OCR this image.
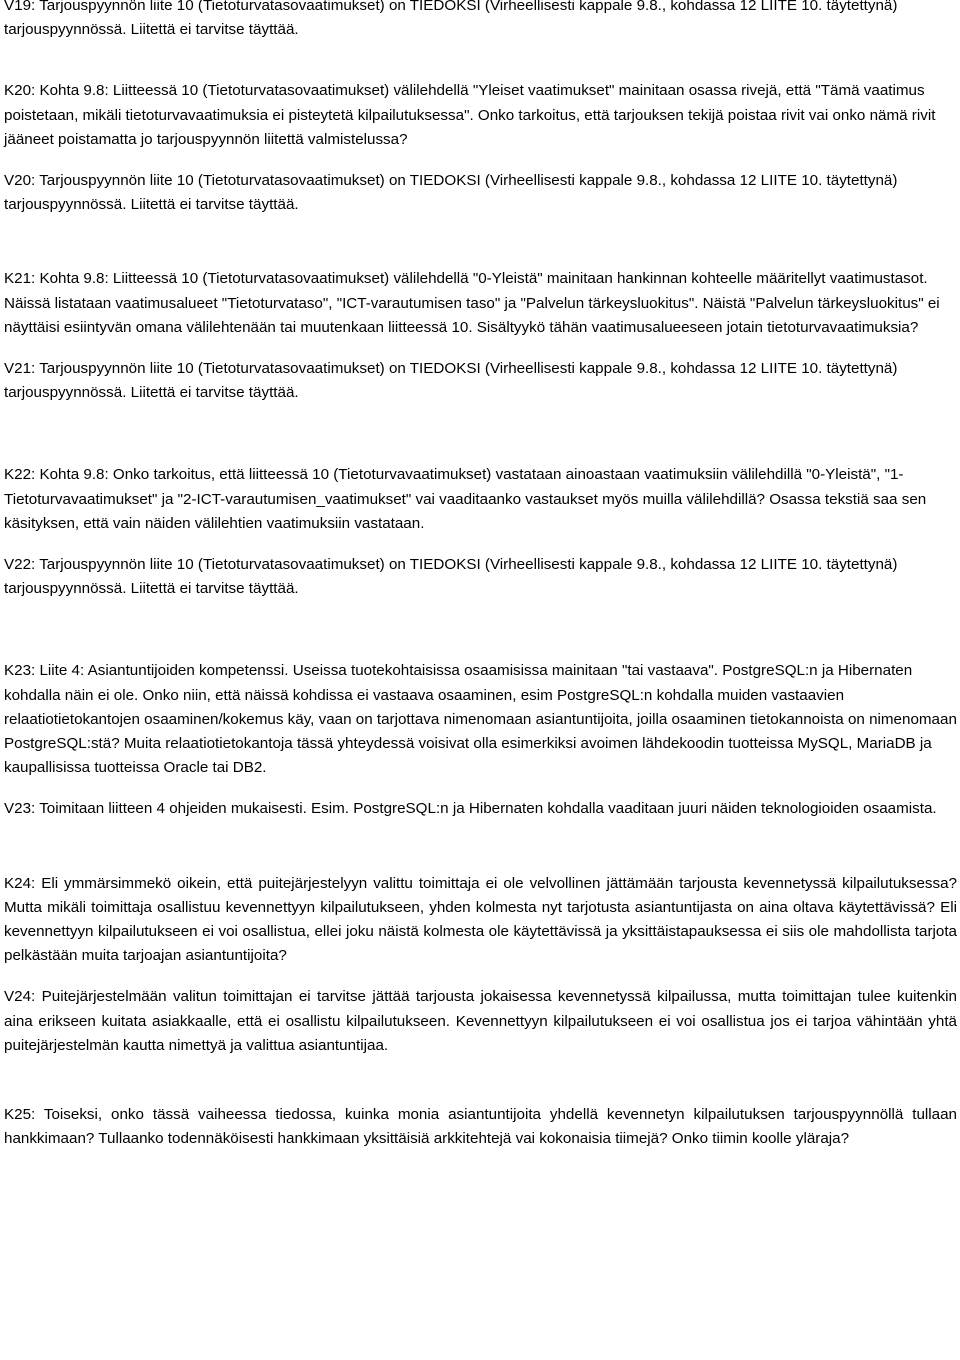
V19: Tarjouspyynnön liite 10 (Tietoturvatasovaatimukset) on TIEDOKSI (Virheellisesti kappale 9.8., kohdassa 12 LIITE 10. täytettynä) tarjouspyynnössä. Liitettä ei tarvitse täyttää.

K20: Kohta 9.8: Liitteessä 10 (Tietoturvatasovaatimukset) välilehdellä "Yleiset vaatimukset" mainitaan osassa rivejä, että "Tämä vaatimus poistetaan, mikäli tietoturvavaatimuksia ei pisteytetä kilpailutuksessa". Onko tarkoitus, että tarjouksen tekijä poistaa rivit vai onko nämä rivit jääneet poistamatta jo tarjouspyynnön liitettä valmistelussa?

V20: Tarjouspyynnön liite 10 (Tietoturvatasovaatimukset) on TIEDOKSI (Virheellisesti kappale 9.8., kohdassa 12 LIITE 10. täytettynä) tarjouspyynnössä. Liitettä ei tarvitse täyttää.

K21: Kohta 9.8: Liitteessä 10 (Tietoturvatasovaatimukset) välilehdellä "0-Yleistä" mainitaan hankinnan kohteelle määritellyt vaatimustasot. Näissä listataan vaatimusalueet "Tietoturvataso", "ICT-varautumisen taso" ja "Palvelun tärkeysluokitus". Näistä "Palvelun tärkeysluokitus" ei näyttäisi esiintyvän omana välilehtenään tai muutenkaan liitteessä 10. Sisältyykö tähän vaatimusalueeseen jotain tietoturvavaatimuksia?

V21: Tarjouspyynnön liite 10 (Tietoturvatasovaatimukset) on TIEDOKSI (Virheellisesti kappale 9.8., kohdassa 12 LIITE 10. täytettynä) tarjouspyynnössä. Liitettä ei tarvitse täyttää.

K22: Kohta 9.8: Onko tarkoitus, että liitteessä 10 (Tietoturvavaatimukset) vastataan ainoastaan vaatimuksiin välilehdillä "0-Yleistä", "1-Tietoturvavaatimukset" ja "2-ICT-varautumisen_vaatimukset" vai vaaditaanko vastaukset myös muilla välilehdillä? Osassa tekstiä saa sen käsityksen, että vain näiden välilehtien vaatimuksiin vastataan.

V22: Tarjouspyynnön liite 10 (Tietoturvatasovaatimukset) on TIEDOKSI (Virheellisesti kappale 9.8., kohdassa 12 LIITE 10. täytettynä) tarjouspyynnössä. Liitettä ei tarvitse täyttää.

K23: Liite 4: Asiantuntijoiden kompetenssi. Useissa tuotekohtaisissa osaamisissa mainitaan "tai vastaava". PostgreSQL:n ja Hibernaten kohdalla näin ei ole. Onko niin, että näissä kohdissa ei vastaava osaaminen, esim PostgreSQL:n kohdalla muiden vastaavien relaatiotietokantojen osaaminen/kokemus käy, vaan on tarjottava nimenomaan asiantuntijoita, joilla osaaminen tietokannoista on nimenomaan PostgreSQL:stä? Muita relaatiotietokantoja tässä yhteydessä voisivat olla esimerkiksi avoimen lähdekoodin tuotteissa MySQL, MariaDB ja kaupallisissa tuotteissa Oracle tai DB2.

V23: Toimitaan liitteen 4 ohjeiden mukaisesti. Esim. PostgreSQL:n ja Hibernaten kohdalla vaaditaan juuri näiden teknologioiden osaamista.

K24: Eli ymmärsimmekö oikein, että puitejärjestelyyn valittu toimittaja ei ole velvollinen jättämään tarjousta kevennetyssä kilpailutuksessa? Mutta mikäli toimittaja osallistuu kevennettyyn kilpailutukseen, yhden kolmesta nyt tarjotusta asiantuntijasta on aina oltava käytettävissä? Eli kevennettyyn kilpailutukseen ei voi osallistua, ellei joku näistä kolmesta ole käytettävissä ja yksittäistapauksessa ei siis ole mahdollista tarjota pelkästään muita tarjoajan asiantuntijoita?

V24: Puitejärjestelmään valitun toimittajan ei tarvitse jättää tarjousta jokaisessa kevennetyssä kilpailussa, mutta toimittajan tulee kuitenkin aina erikseen kuitata asiakkaalle, että ei osallistu kilpailutukseen. Kevennettyyn kilpailutukseen ei voi osallistua jos ei tarjoa vähintään yhtä puitejärjestelmän kautta nimettyä ja valittua asiantuntijaa.

K25: Toiseksi, onko tässä vaiheessa tiedossa, kuinka monia asiantuntijoita yhdellä kevennetyn kilpailutuksen tarjouspyynnöllä tullaan hankkimaan? Tullaanko todennäköisesti hankkimaan yksittäisiä arkkitehtejä vai kokonaisia tiimejä? Onko tiimin koolle yläraja?
